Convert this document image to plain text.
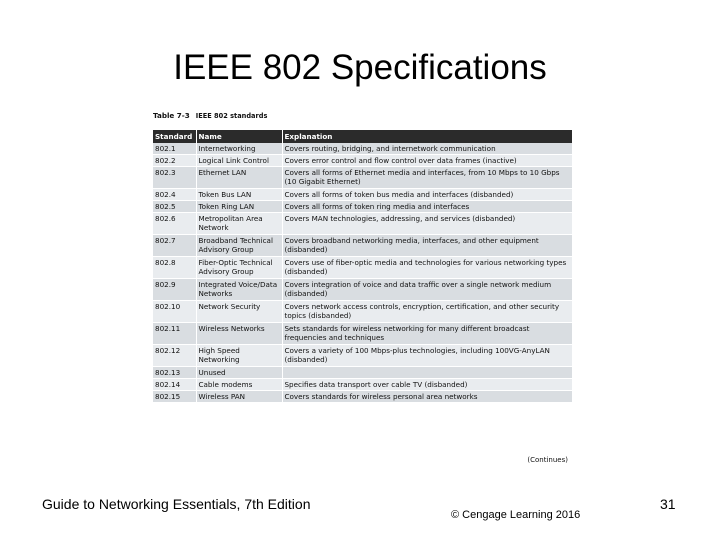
IEEE 802 Specifications
Table 7-3 IEEE 802 standards
Standard	Name	Explanation
802.1	Internetworking	Covers routing, bridging, and internetwork communication
802.2	Logical Link Control	Covers error control and flow control over data frames (inactive)
802.3	Ethernet LAN	Covers all forms of Ethernet media and interfaces, from 10 Mbps to 10 Gbps (10 Gigabit Ethernet)
802.4	Token Bus LAN	Covers all forms of token bus media and interfaces (disbanded)
802.5	Token Ring LAN	Covers all forms of token ring media and interfaces
802.6	Metropolitan Area Network	Covers MAN technologies, addressing, and services (disbanded)
802.7	Broadband Technical Advisory Group	Covers broadband networking media, interfaces, and other equipment (disbanded)
802.8	Fiber-Optic Technical Advisory Group	Covers use of fiber-optic media and technologies for various networking types (disbanded)
802.9	Integrated Voice/Data Networks	Covers integration of voice and data traffic over a single network medium (disbanded)
802.10	Network Security	Covers network access controls, encryption, certification, and other security topics (disbanded)
802.11	Wireless Networks	Sets standards for wireless networking for many different broadcast frequencies and techniques
802.12	High Speed Networking	Covers a variety of 100 Mbps-plus technologies, including 100VG-AnyLAN (disbanded)
802.13	Unused	
802.14	Cable modems	Specifies data transport over cable TV (disbanded)
802.15	Wireless PAN	Covers standards for wireless personal area networks
(Continues)
Guide to Networking Essentials, 7th Edition
© Cengage Learning 2016
31
